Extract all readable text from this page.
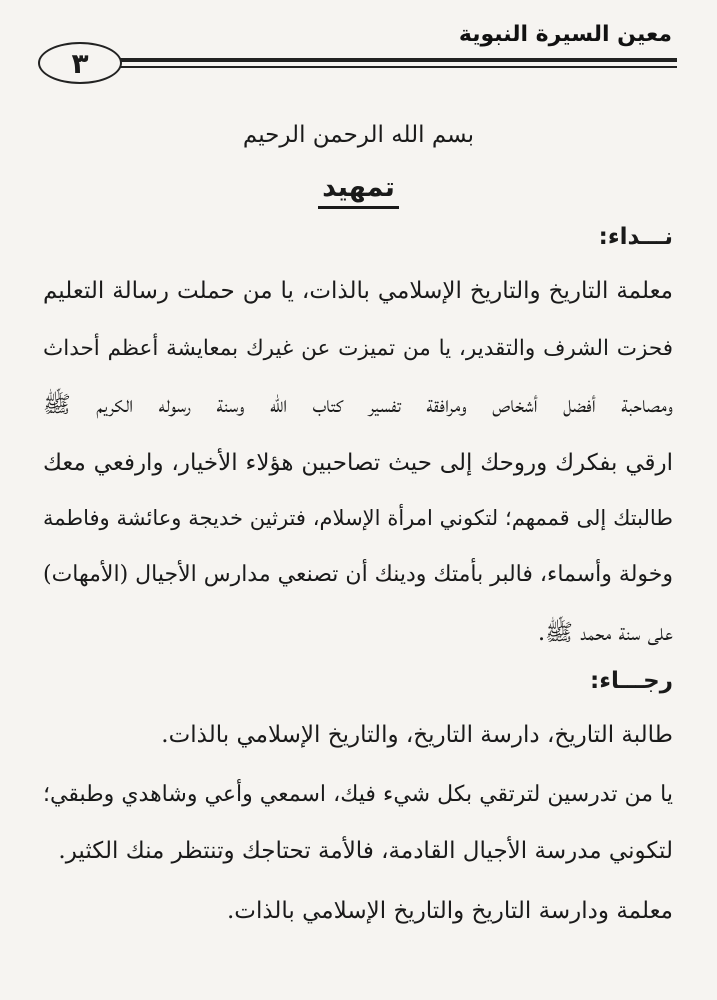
معين السيرة النبوية
٣
بسم الله الرحمن الرحيم
تمهيد
نـــداء:
معلمة التاريخ والتاريخ الإسلامي بالذات، يا من حملت رسالة التعليم
فحزت الشرف والتقدير، يا من تميزت عن غيرك بمعايشة أعظم أحداث
ومصاحبة أفضل أشخاص ومرافقة تفسير كتاب الله وسنة رسوله الكريم ﷺ
ارقي بفكرك وروحك إلى حيث تصاحبين هؤلاء الأخيار، وارفعي معك
طالبتك إلى قممهم؛ لتكوني امرأة الإسلام، فترثين خديجة وعائشة وفاطمة
وخولة وأسماء، فالبر بأمتك ودينك أن تصنعي مدارس الأجيال (الأمهات)
على سنة محمد ﷺ.
رجـــاء:
طالبة التاريخ، دارسة التاريخ، والتاريخ الإسلامي بالذات.
يا من تدرسين لترتقي بكل شيء فيك، اسمعي وأعي وشاهدي وطبقي؛
لتكوني مدرسة الأجيال القادمة، فالأمة تحتاجك وتنتظر منك الكثير.
معلمة ودارسة التاريخ والتاريخ الإسلامي بالذات.
